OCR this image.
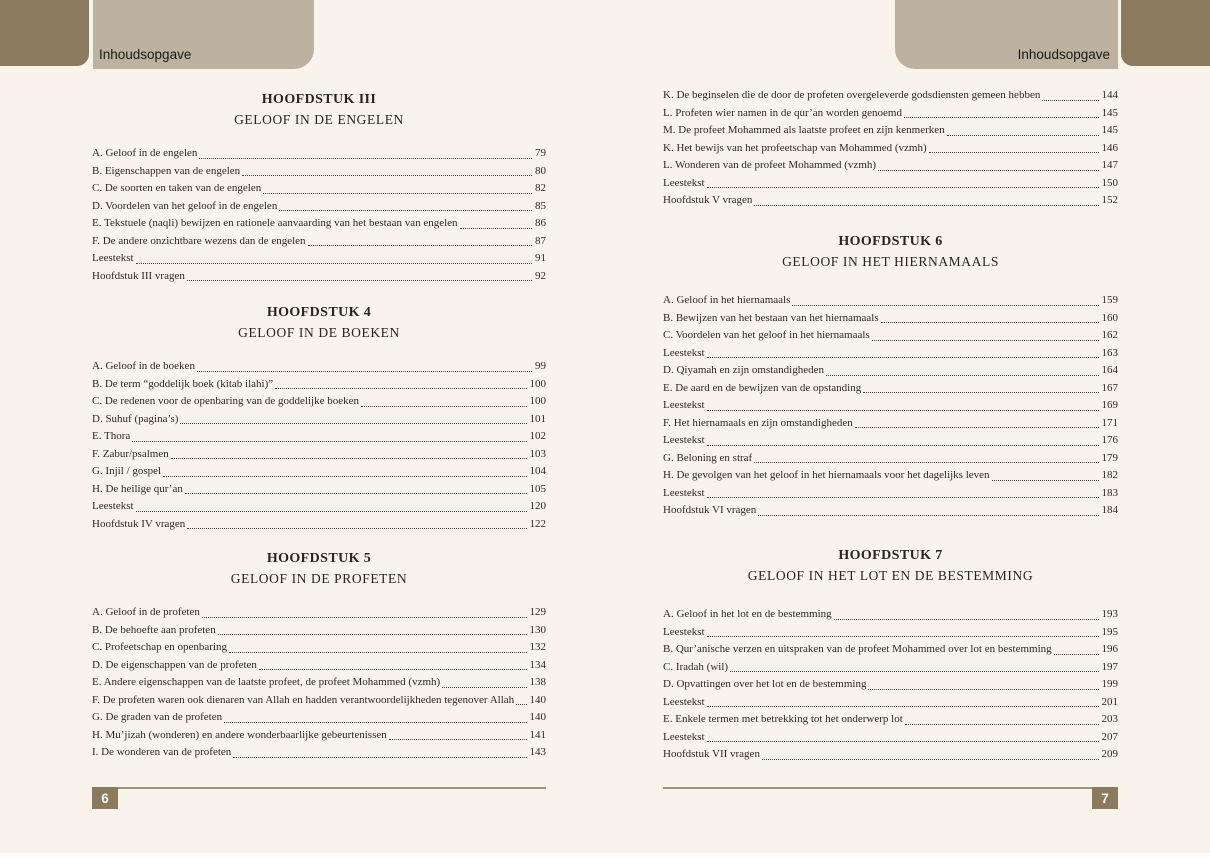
Inhoudsopgave	Inhoudsopgave
HOOFDSTUK III
GELOOF IN DE ENGELEN
A. Geloof in de engelen	79
B. Eigenschappen van de engelen	80
C. De soorten en taken van de engelen	82
D. Voordelen van het geloof in de engelen	85
E. Tekstuele (naqli) bewijzen en rationele aanvaarding van het bestaan van engelen	86
F. De andere onzichtbare wezens dan de engelen	87
Leestekst	91
Hoofdstuk III vragen	92
HOOFDSTUK 4
GELOOF IN DE BOEKEN
A. Geloof in de boeken	99
B. De term “goddelijk boek (kitab ilahi)”	100
C. De redenen voor de openbaring van de goddelijke boeken	100
D. Suhuf (pagina’s)	101
E. Thora	102
F. Zabur/psalmen	103
G. Injil / gospel	104
H. De heilige qur’an	105
Leestekst	120
Hoofdstuk IV vragen	122
HOOFDSTUK 5
GELOOF IN DE PROFETEN
A. Geloof in de profeten	129
B. De behoefte aan profeten	130
C. Profeetschap en openbaring	132
D. De eigenschappen van de profeten	134
E. Andere eigenschappen van de laatste profeet, de profeet Mohammed (vzmh)	138
F. De profeten waren ook dienaren van Allah en hadden verantwoordelijkheden tegenover Allah 140
G. De graden van de profeten	140
H. Mu’jizah (wonderen) en andere wonderbaarlijke gebeurtenissen	141
I. De wonderen van de profeten	143
K. De beginselen die de door de profeten overgeleverde godsdiensten gemeen hebben	144
L. Profeten wier namen in de qur’an worden genoemd	145
M. De profeet Mohammed als laatste profeet en zijn kenmerken	145
K. Het bewijs van het profeetschap van Mohammed (vzmh)	146
L. Wonderen van de profeet Mohammed (vzmh)	147
Leestekst	150
Hoofdstuk V vragen	152
HOOFDSTUK 6
GELOOF IN HET HIERNAMAALS
A. Geloof in het hiernamaals	159
B. Bewijzen van het bestaan van het hiernamaals	160
C. Voordelen van het geloof in het hiernamaals	162
Leestekst	163
D. Qiyamah en zijn omstandigheden	164
E. De aard en de bewijzen van de opstanding	167
Leestekst	169
F. Het hiernamaals en zijn omstandigheden	171
Leestekst	176
G. Beloning en straf	179
H. De gevolgen van het geloof in het hiernamaals voor het dagelijks leven	182
Leestekst	183
Hoofdstuk VI vragen	184
HOOFDSTUK 7
GELOOF IN HET LOT EN DE BESTEMMING
A. Geloof in het lot en de bestemming	193
Leestekst	195
B. Qur’anische verzen en uitspraken van de profeet Mohammed over lot en bestemming	196
C. Iradah (wil)	197
D. Opvattingen over het lot en de bestemming	199
Leestekst	201
E. Enkele termen met betrekking tot het onderwerp lot	203
Leestekst	207
Hoofdstuk VII vragen	209
6	7
